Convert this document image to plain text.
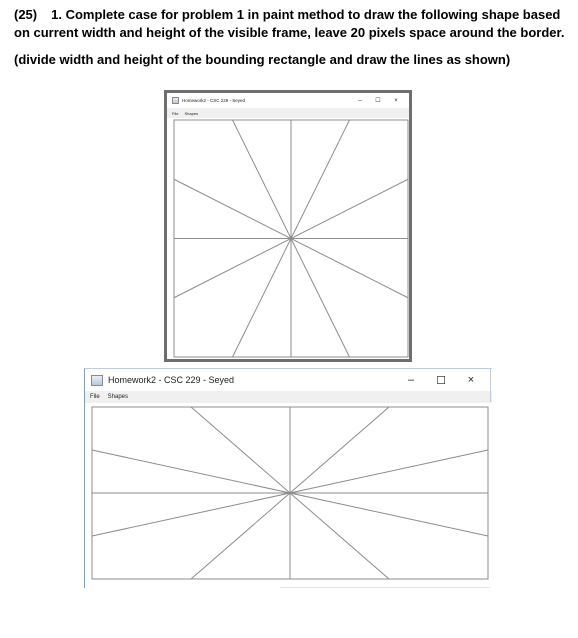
(25) 1. Complete case for problem 1 in paint method to draw the following shape based on current width and height of the visible frame, leave 20 pixels space around the border.

(divide width and height of the bounding rectangle and draw the lines as shown)

Homework2 - CSC 229 - Seyed	–	☐	×
File Shapes
Homework2 - CSC 229 - Seyed	–	☐	×
File Shapes
